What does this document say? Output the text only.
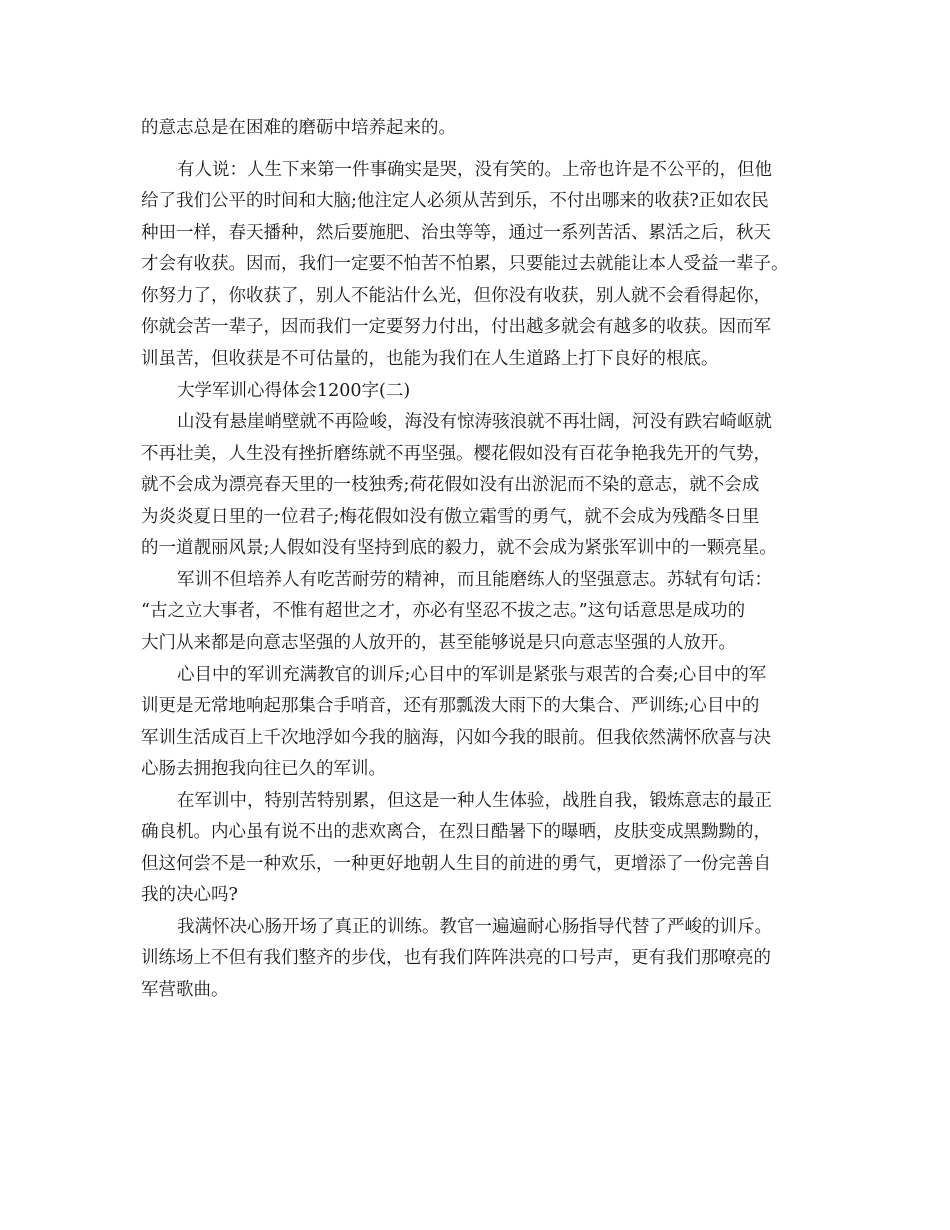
的意志总是在困难的磨砺中培养起来的。
有人说：人生下来第一件事确实是哭，没有笑的。上帝也许是不公平的，但他
给了我们公平的时间和大脑;他注定人必须从苦到乐，不付出哪来的收获?正如农民
种田一样，春天播种，然后要施肥、治虫等等，通过一系列苦活、累活之后，秋天
才会有收获。因而，我们一定要不怕苦不怕累，只要能过去就能让本人受益一辈子。
你努力了，你收获了，别人不能沾什么光，但你没有收获，别人就不会看得起你，
你就会苦一辈子，因而我们一定要努力付出，付出越多就会有越多的收获。因而军
训虽苦，但收获是不可估量的，也能为我们在人生道路上打下良好的根底。
大学军训心得体会1200字(二)
山没有悬崖峭壁就不再险峻，海没有惊涛骇浪就不再壮阔，河没有跌宕崎岖就
不再壮美，人生没有挫折磨练就不再坚强。樱花假如没有百花争艳我先开的气势，
就不会成为漂亮春天里的一枝独秀;荷花假如没有出淤泥而不染的意志，就不会成
为炎炎夏日里的一位君子;梅花假如没有傲立霜雪的勇气，就不会成为残酷冬日里
的一道靓丽风景;人假如没有坚持到底的毅力，就不会成为紧张军训中的一颗亮星。
军训不但培养人有吃苦耐劳的精神，而且能磨练人的坚强意志。苏轼有句话：
“古之立大事者，不惟有超世之才，亦必有坚忍不拔之志。”这句话意思是成功的
大门从来都是向意志坚强的人放开的，甚至能够说是只向意志坚强的人放开。
心目中的军训充满教官的训斥;心目中的军训是紧张与艰苦的合奏;心目中的军
训更是无常地响起那集合手哨音，还有那瓢泼大雨下的大集合、严训练;心目中的
军训生活成百上千次地浮如今我的脑海，闪如今我的眼前。但我依然满怀欣喜与决
心肠去拥抱我向往已久的军训。
在军训中，特别苦特别累，但这是一种人生体验，战胜自我，锻炼意志的最正
确良机。内心虽有说不出的悲欢离合，在烈日酷暑下的曝晒，皮肤变成黑黝黝的，
但这何尝不是一种欢乐，一种更好地朝人生目的前进的勇气，更增添了一份完善自
我的决心吗?
我满怀决心肠开场了真正的训练。教官一遍遍耐心肠指导代替了严峻的训斥。
训练场上不但有我们整齐的步伐，也有我们阵阵洪亮的口号声，更有我们那嘹亮的
军营歌曲。
